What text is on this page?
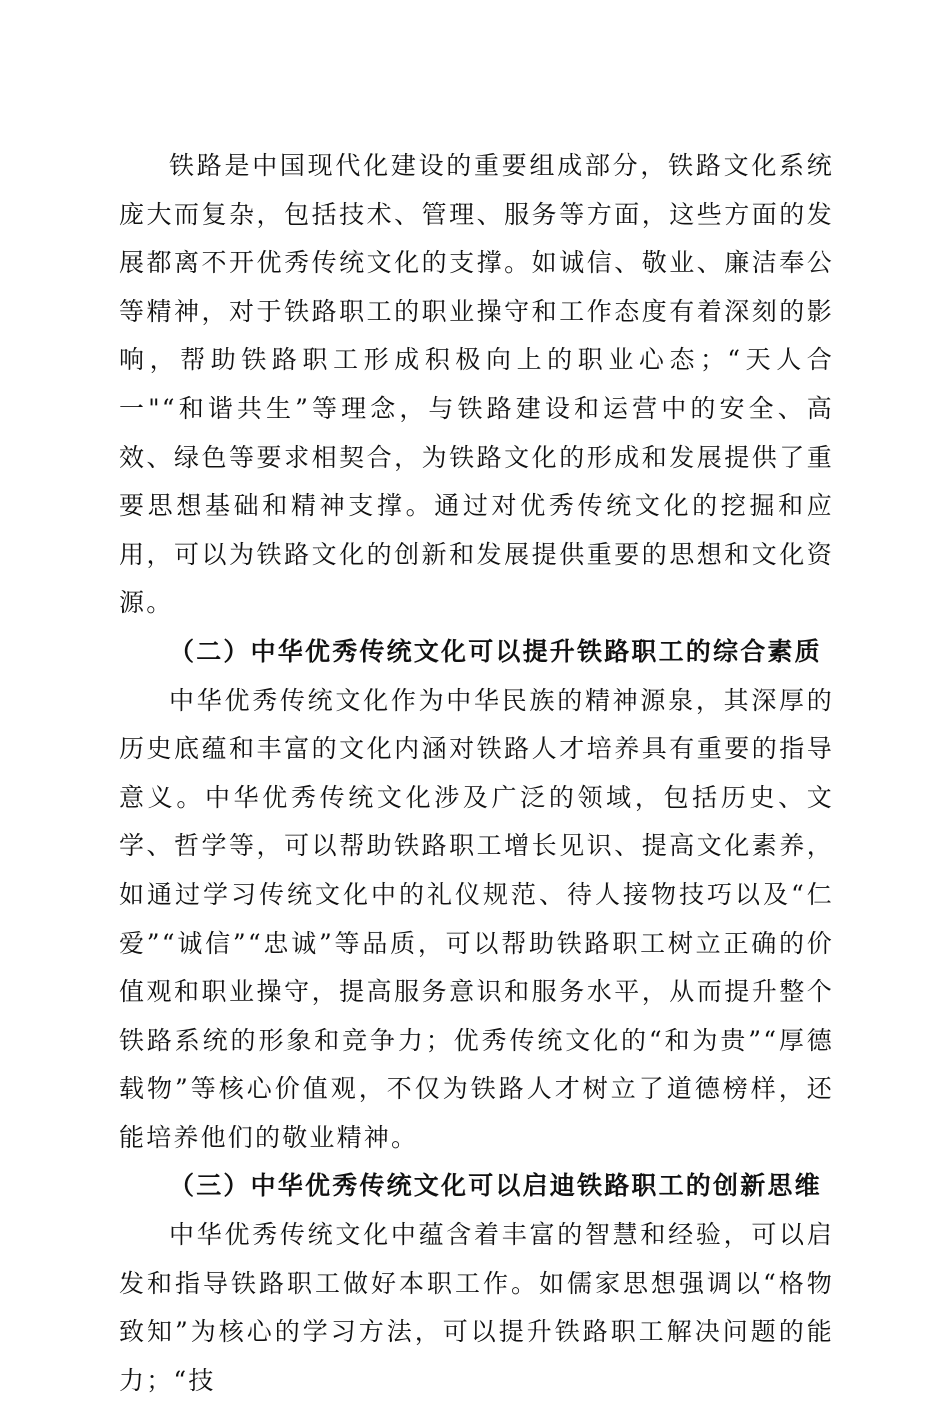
铁路是中国现代化建设的重要组成部分，铁路文化系统庞大而复杂，包括技术、管理、服务等方面，这些方面的发展都离不开优秀传统文化的支撑。如诚信、敬业、廉洁奉公等精神，对于铁路职工的职业操守和工作态度有着深刻的影响，帮助铁路职工形成积极向上的职业心态；“天人合一"“和谐共生”等理念，与铁路建设和运营中的安全、高效、绿色等要求相契合，为铁路文化的形成和发展提供了重要思想基础和精神支撑。通过对优秀传统文化的挖掘和应用，可以为铁路文化的创新和发展提供重要的思想和文化资源。

（二）中华优秀传统文化可以提升铁路职工的综合素质

中华优秀传统文化作为中华民族的精神源泉，其深厚的历史底蕴和丰富的文化内涵对铁路人才培养具有重要的指导意义。中华优秀传统文化涉及广泛的领域，包括历史、文学、哲学等，可以帮助铁路职工增长见识、提高文化素养，如通过学习传统文化中的礼仪规范、待人接物技巧以及“仁爱”“诚信”“忠诚”等品质，可以帮助铁路职工树立正确的价值观和职业操守，提高服务意识和服务水平，从而提升整个铁路系统的形象和竞争力；优秀传统文化的“和为贵”“厚德载物”等核心价值观，不仅为铁路人才树立了道德榜样，还能培养他们的敬业精神。

（三）中华优秀传统文化可以启迪铁路职工的创新思维

中华优秀传统文化中蕴含着丰富的智慧和经验，可以启发和指导铁路职工做好本职工作。如儒家思想强调以“格物致知”为核心的学习方法，可以提升铁路职工解决问题的能力；“技
